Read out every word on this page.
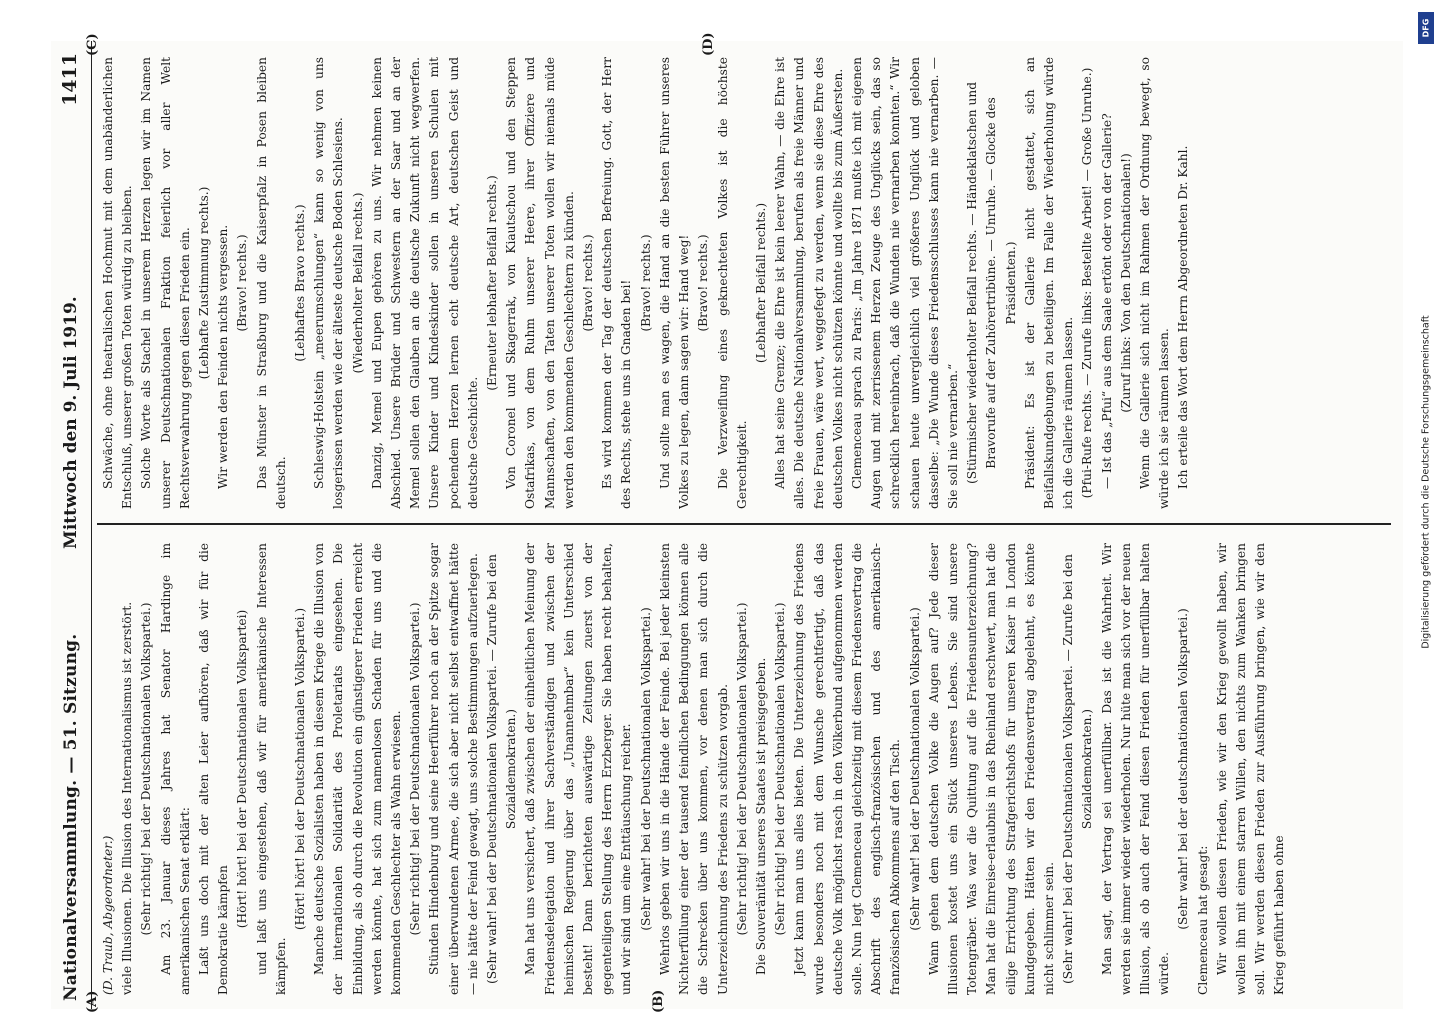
Nationalversammlung. — 51. Sitzung.
Mittwoch den 9. Juli 1919.
1411
(A)	(B)
(C)	(D)

(D. Traub, Abgeordneter.) viele Illusionen. Die Illusion des Internationalismus ist zerstört. (Sehr richtig! bei der Deutschnationalen Volkspartei.) Am 23. Januar dieses Jahres hat Senator Hardinge im amerikanischen Senat erklärt: Laßt uns doch mit der alten Leier aufhören, daß wir für die Demokratie kämpfen

(Hört! hört! bei der Deutschnationalen Volkspartei) und laßt uns eingestehen, daß wir für amerikanische Interessen kämpfen.

(Hört! hört! bei der Deutschnationalen Volkspartei.) Manche deutsche Sozialisten haben in diesem Kriege die Illusion von der internationalen Solidarität des Proletariats eingesehen. Die Einbildung, als ob durch die Revolution ein günstigerer Frieden erreicht werden könnte, hat sich zum namenlosen Schaden für uns und die kommenden Geschlechter als Wahn erwiesen. (Sehr richtig! bei der Deutschnationalen Volkspartei.) Stünden Hindenburg und seine Heerführer noch an der Spitze sogar einer überwundenen Armee, die sich aber nicht selbst entwaffnet hätte — nie hätte der Feind gewagt, uns solche Bestimmungen aufzuerlegen. (Sehr wahr! bei der Deutschnationalen Volkspartei. — Zurufe bei den Sozialdemokraten.) Man hat uns versichert, daß zwischen der einheitlichen Meinung der Friedensdelegation und ihrer Sachverständigen und zwischen der heimischen Regierung über das „Unannehmbar“ kein Unterschied besteht! Dann berichteten auswärtige Zeitungen zuerst von der gegenteiligen Stellung des Herrn Erzberger. Sie haben recht behalten, und wir sind um eine Enttäuschung reicher. (Sehr wahr! bei der Deutschnationalen Volkspartei.) Wehrlos geben wir uns in die Hände der Feinde. Bei jeder kleinsten Nichterfüllung einer der tausend feindlichen Bedingungen können alle die Schrecken über uns kommen, vor denen man sich durch die Unterzeichnung des Friedens zu schützen vorgab. (Sehr richtig! bei der Deutschnationalen Volkspartei.) Die Souveränität unseres Staates ist preisgegeben. (Sehr richtig! bei der Deutschnationalen Volkspartei.) Jetzt kann man uns alles bieten. Die Unterzeichnung des Friedens wurde besonders noch mit dem Wunsche gerechtfertigt, daß das deutsche Volk möglichst rasch in den Völkerbund aufgenommen werden solle. Nun legt Clemenceau gleichzeitig mit diesem Friedensvertrag die Abschrift des englisch-französischen und des amerikanisch-französischen Abkommens auf den Tisch. (Sehr wahr! bei der Deutschnationalen Volkspartei.) Wann gehen dem deutschen Volke die Augen auf? Jede dieser Illusionen kostet uns ein Stück unseres Lebens. Sie sind unsere Totengräber. Was war die Quittung auf die Friedensunterzeichnung? Man hat die Einreise-erlaubnis in das Rheinland erschwert, man hat die eilige Errichtung des Strafgerichtshofs für unseren Kaiser in London kundgegeben. Hätten wir den Friedensvertrag abgelehnt, es könnte nicht schlimmer sein. (Sehr wahr! bei der Deutschnationalen Volkspartei. — Zurufe bei den Sozialdemokraten.) Man sagt, der Vertrag sei unerfüllbar. Das ist die Wahrheit. Wir werden sie immer wieder wiederholen. Nur hüte man sich vor der neuen Illusion, als ob auch der Feind diesen Frieden für unerfüllbar halten würde.

(Sehr wahr! bei der deutschnationalen Volkspartei.) Clemenceau hat gesagt: Wir wollen diesen Frieden, wie wir den Krieg gewollt haben, wir wollen ihn mit einem starren Willen, den nichts zum Wanken bringen soll. Wir werden diesen Frieden zur Ausführung bringen, wie wir den Krieg geführt haben ohne

Schwäche, ohne theatralischen Hochmut mit dem unabänderlichen Entschluß, unserer großen Toten würdig zu bleiben. Solche Worte als Stachel in unserem Herzen legen wir im Namen unserer Deutschnationalen Fraktion feierlich vor aller Welt Rechtsverwahrung gegen diesen Frieden ein. (Lebhafte Zustimmung rechts.) Wir werden den Feinden nichts vergessen. (Bravo! rechts.) Das Münster in Straßburg und die Kaiserpfalz in Posen bleiben deutsch.

(Lebhaftes Bravo rechts.) Schleswig-Holstein „meerumschlungen“ kann so wenig von uns losgerissen werden wie der älteste deutsche Boden Schlesiens. (Wiederholter Beifall rechts.) Danzig, Memel und Eupen gehören zu uns. Wir nehmen keinen Abschied. Unsere Brüder und Schwestern an der Saar und an der Memel sollen den Glauben an die deutsche Zukunft nicht wegwerfen. Unsere Kinder und Kindeskinder sollen in unseren Schulen mit pochendem Herzen lernen echt deutsche Art, deutschen Geist und deutsche Geschichte.

(Erneuter lebhafter Beifall rechts.) Von Coronel und Skagerrak, von Kiautschou und den Steppen Ostafrikas, von dem Ruhm unserer Heere, ihrer Offiziere und Mannschaften, von den Taten unserer Toten wollen wir niemals müde werden den kommenden Geschlechtern zu künden. (Bravo! rechts.) Es wird kommen der Tag der deutschen Befreiung. Gott, der Herr des Rechts, stehe uns in Gnaden bei! (Bravo! rechts.) Und sollte man es wagen, die Hand an die besten Führer unseres Volkes zu legen, dann sagen wir: Hand weg! (Bravo! rechts.) Die Verzweiflung eines geknechteten Volkes ist die höchste Gerechtigkeit.

(Lebhafter Beifall rechts.) Alles hat seine Grenze; die Ehre ist kein leerer Wahn, — die Ehre ist alles. Die deutsche Nationalversammlung, berufen als freie Männer und freie Frauen, wäre wert, weggefegt zu werden, wenn sie diese Ehre des deutschen Volkes nicht schützen könnte und wollte bis zum Äußersten. Clemenceau sprach zu Paris: „Im Jahre 1871 mußte ich mit eigenen Augen und mit zerrissenem Herzen Zeuge des Unglücks sein, das so schrecklich hereinbrach, daß die Wunden nie vernarben konnten.“ Wir schauen heute unvergleichlich viel größeres Unglück und geloben dasselbe: „Die Wunde dieses Friedensschlusses kann nie vernarben. — Sie soll nie vernarben.“ (Stürmischer wiederholter Beifall rechts. — Händeklatschen und Bravorufe auf der Zuhörertribüne. — Unruhe. — Glocke des Präsidenten.) Präsident: Es ist der Gallerie nicht gestattet, sich an Beifallskundgebungen zu beteiligen. Im Falle der Wiederholung würde ich die Gallerie räumen lassen. (Pfui-Rufe rechts. — Zurufe links: Bestellte Arbeit! — Große Unruhe.) — Ist das „Pfui“ aus dem Saale ertönt oder von der Gallerie? (Zuruf links: Von den Deutschnationalen!) Wenn die Gallerie sich nicht im Rahmen der Ordnung bewegt, so würde ich sie räumen lassen. Ich erteile das Wort dem Herrn Abgeordneten Dr. Kahl.

DFG
Digitalisierung gefördert durch die Deutsche Forschungsgemeinschaft
